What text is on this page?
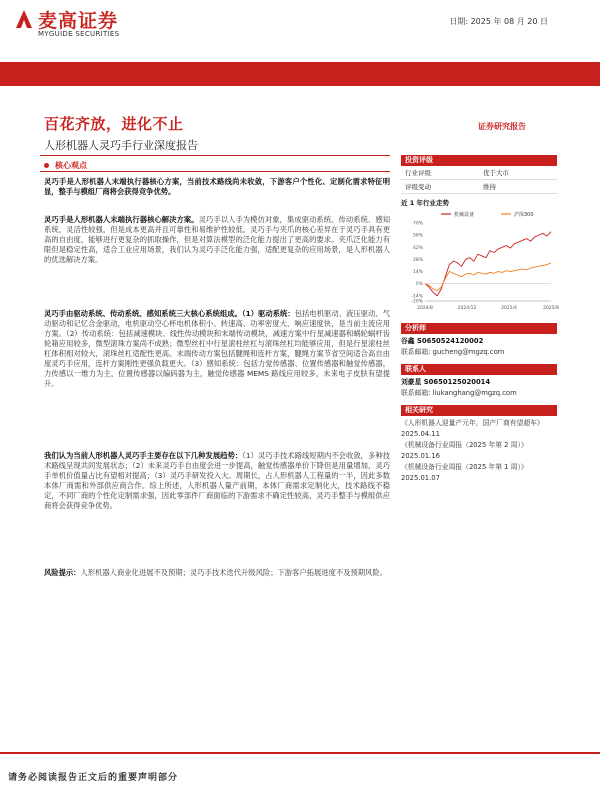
麦高证券
MYGUIDE SECURITIES
日期: 2025 年 08 月 20 日
百花齐放，进化不止
人形机器人灵巧手行业深度报告
证券研究报告
核心观点
灵巧手是人形机器人末端执行器核心方案，当前技术路线尚未收敛，下游客户个性化、定制化需求特征明显，整手与模组厂商将会获得竞争优势。
灵巧手是人形机器人末端执行器核心解决方案。灵巧手以人手为模仿对象，集成驱动系统、传动系统、感知系统，灵活性较强，但是成本更高并且可靠性和易维护性较低。灵巧手与夹爪的核心差异在于灵巧手具有更高的自由度，能够进行更复杂的抓取操作，但是对算法模型的泛化能力提出了更高的要求。夹爪泛化能力有限但是稳定性高，适合工业应用场景，我们认为灵巧手泛化能力强，适配更复杂的应用场景，是人形机器人的优选解决方案。
灵巧手由驱动系统、传动系统、感知系统三大核心系统组成。（1）驱动系统：包括电机驱动、液压驱动、气动驱动和记忆合金驱动，电机驱动空心杯电机体积小、转速高、功率密度大、响应速度快，是当前主流应用方案。（2）传动系统：包括减速模块、线性传动模块和末端传动模块，减速方案中行星减速器和蜗轮蜗杆齿轮箱应用较多，微型滚珠方案尚不成熟；微型丝杠中行星滚柱丝杠与滚珠丝杠均能够应用，但是行星滚柱丝杠体积相对较大，滚珠丝杠适配性更高。末端传动方案包括腱绳和连杆方案，腱绳方案节省空间适合高自由度灵巧手应用，连杆方案刚性更强负载更大。（3）感知系统：包括力觉传感器、位置传感器和触觉传感器，力传感以一维力为主，位置传感器以编码器为主，触觉传感器 MEMS 路线应用较多，未来电子皮肤有望提升。
我们认为当前人形机器人灵巧手主要存在以下几种发展趋势：（1）灵巧手技术路线短期内不会收敛，多种技术路线呈现共同发展状态；（2）未来灵巧手自由度会进一步提高，触觉传感器单价下降但是用量增加，灵巧手单机价值量占比有望相对提高；（3）灵巧手研发投入大、周期长，占人形机器人工程量的一半，因此多数本体厂商需和外部供应商合作。综上所述，人形机器人量产前期，本体厂商需求定制化大，技术路线不稳定，不同厂商的个性化定制需求强，因此零部件厂商面临的下游需求不确定性较高，灵巧手整手与模组供应商将会获得竞争优势。
风险提示：人形机器人商业化进展不及预期；灵巧手技术迭代升级风险；下游客户拓展进度不及预期风险。
投资评级
行业评级	优于大市
评级变动	维持
近 1 年行业走势
机械设备	沪深300
70%
56%
42%
28%
14%
0%
-14%
-20%
2024/8	2024/12	2025/4	2025/8
分析师
谷鑫 S0650524120002
联系邮箱: gucheng@mgzq.com
联系人
刘豪星 S0650125020014
联系邮箱: liukanghang@mgzq.com
相关研究
《人形机器人迎量产元年，国产厂商有望超车》2025.04.11
《机械设备行业周报（2025 年第 2 周）》2025.01.16
《机械设备行业周报（2025 年第 1 周）》2025.01.07
请务必阅读报告正文后的重要声明部分
